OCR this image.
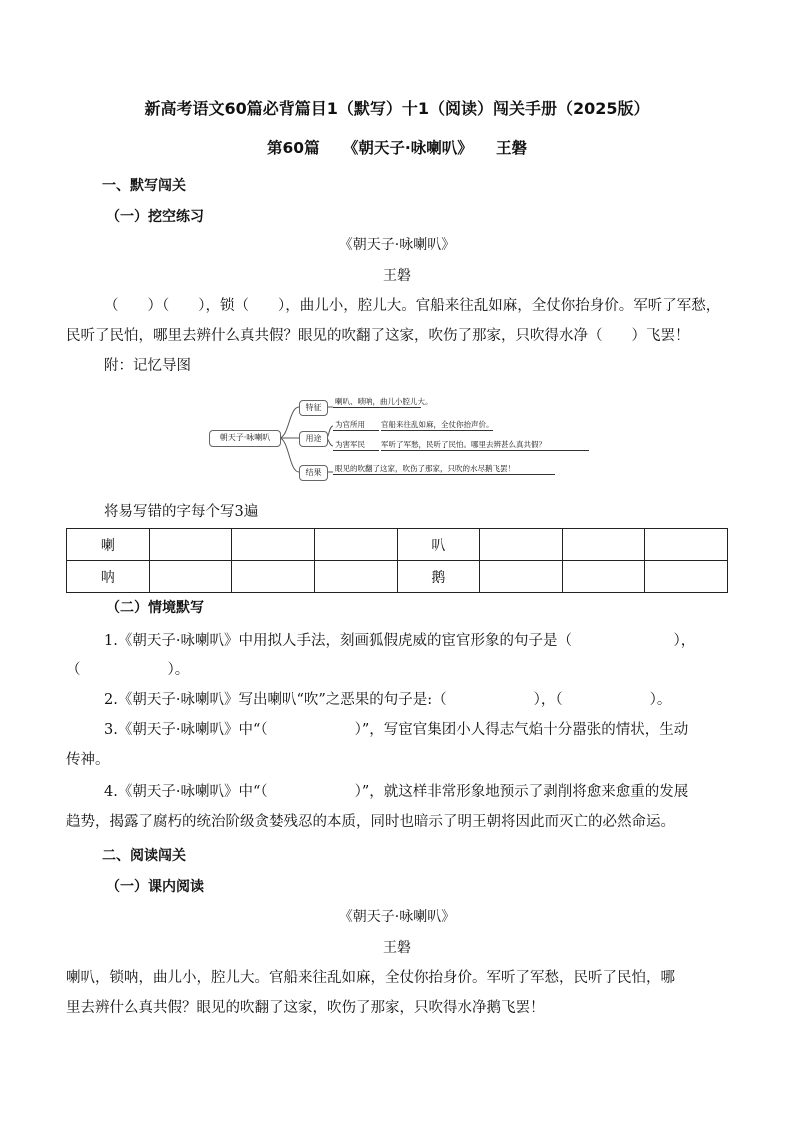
新高考语文60篇必背篇目1（默写）十1（阅读）闯关手册（2025版）
第60篇　　《朝天子·咏喇叭》　　王磐
一、默写闯关
（一）挖空练习
《朝天子·咏喇叭》
王磐
（　　）（　　），锁（　　），曲儿小，腔儿大。官船来往乱如麻，全仗你抬身价。军听了军愁，
民听了民怕，哪里去辨什么真共假？眼见的吹翻了这家，吹伤了那家，只吹得水净（　　）飞罢！
附：记忆导图
朝天子·咏喇叭
特征
用途
结果
喇叭、唢呐，曲儿小腔儿大。
为官所用 官船来往乱如麻，全仗你抬声价。
为害军民 军听了军愁，民听了民怕。哪里去辨甚么真共假？
眼见的吹翻了这家，吹伤了那家，只吹的水尽鹅飞罢！
将易写错的字每个写3遍
喇				叭			
呐				鹅			
（二）情境默写
1.《朝天子·咏喇叭》中用拟人手法，刻画狐假虎威的宦官形象的句子是（　　　　　　　），
（　　　　　　）。
2.《朝天子·咏喇叭》写出喇叭“吹”之恶果的句子是:（　　　　　　），（　　　　　　）。
3.《朝天子·咏喇叭》中“（　　　　　　）”，写宦官集团小人得志气焰十分嚣张的情状，生动
传神。
4.《朝天子·咏喇叭》中“（　　　　　　）”，就这样非常形象地预示了剥削将愈来愈重的发展
趋势，揭露了腐朽的统治阶级贪婪残忍的本质，同时也暗示了明王朝将因此而灭亡的必然命运。
二、阅读闯关
（一）课内阅读
《朝天子·咏喇叭》
王磐
喇叭，锁呐，曲儿小，腔儿大。官船来往乱如麻，全仗你抬身价。军听了军愁，民听了民怕，哪
里去辨什么真共假？眼见的吹翻了这家，吹伤了那家，只吹得水净鹅飞罢！
